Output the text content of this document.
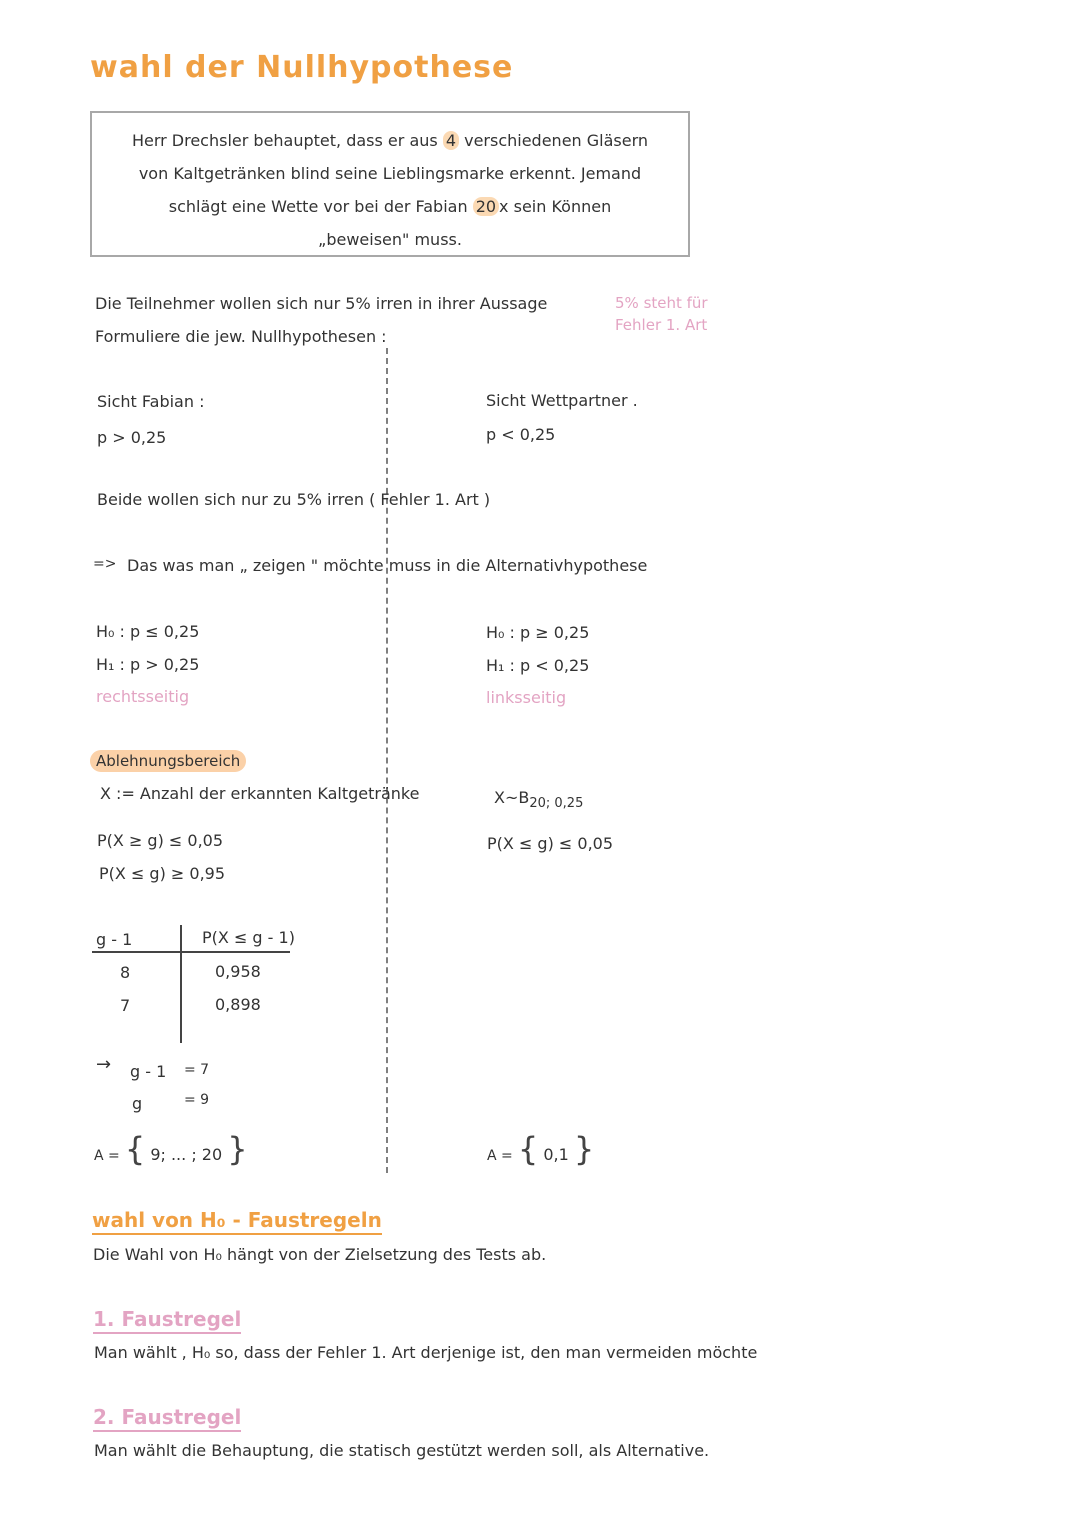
wahl der Nullhypothese
Herr Drechsler behauptet, dass er aus 4 verschiedenen Gläsern
von Kaltgetränken blind seine Lieblingsmarke erkennt. Jemand
schlägt eine Wette vor bei der Fabian 20 x sein Können
„beweisen" muss.
Die Teilnehmer wollen sich nur 5% irren in ihrer Aussage
Formuliere die jew. Nullhypothesen :
5% steht für
Fehler 1. Art
Sicht Fabian :
p > 0,25
Sicht Wettpartner .
p < 0,25
Beide wollen sich nur zu 5% irren ( Fehler 1. Art )
=> Das was man „ zeigen " möchte muss in die Alternativhypothese
H₀ : p ≤ 0,25
H₁ : p > 0,25
rechtsseitig
H₀ : p ≥ 0,25
H₁ : p < 0,25
linksseitig
Ablehnungsbereich
X := Anzahl der erkannten Kaltgetränke	$X\sim B_{20; 0,25}$
P(X ≥ g) ≤ 0,05
P(X ≤ g) ≥ 0,95
P(X ≤ g) ≤ 0,05
g - 1	P(X ≤ g - 1)
8	0,958
7	0,898
→ g - 1 = 7
g	= 9
A = { 9; ... ; 20 }	A = { 0,1 }
wahl von H₀ - Faustregeln
Die Wahl von H₀ hängt von der Zielsetzung des Tests ab.
1. Faustregel
Man wählt , H₀ so, dass der Fehler 1. Art derjenige ist, den man vermeiden möchte
2. Faustregel
Man wählt die Behauptung, die statisch gestützt werden soll, als Alternative.
